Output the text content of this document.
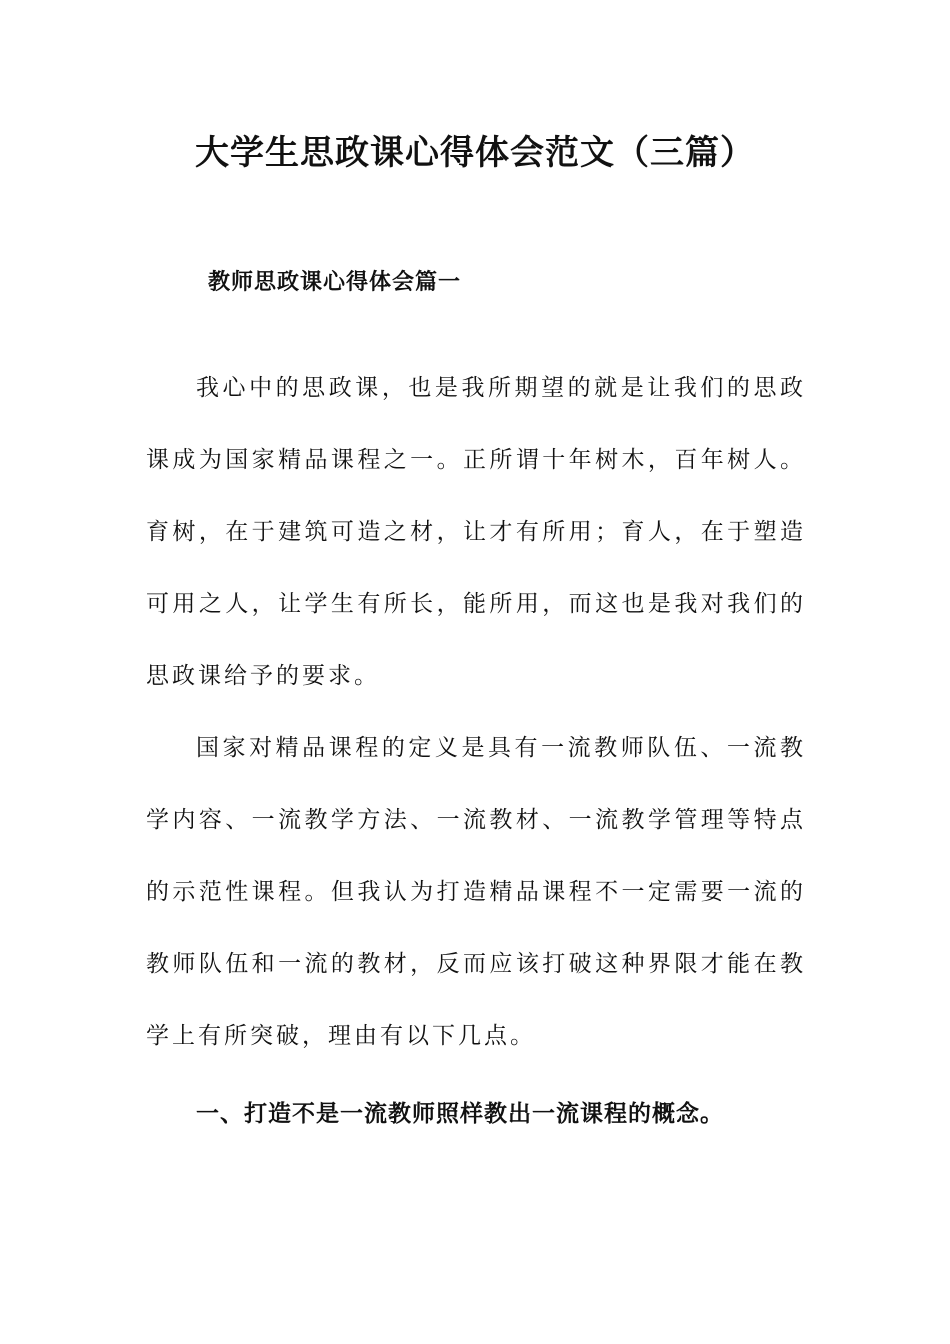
大学生思政课心得体会范文（三篇）
教师思政课心得体会篇一

我心中的思政课，也是我所期望的就是让我们的思政课成为国家精品课程之一。正所谓十年树木，百年树人。育树，在于建筑可造之材，让才有所用；育人，在于塑造可用之人，让学生有所长，能所用，而这也是我对我们的思政课给予的要求。

国家对精品课程的定义是具有一流教师队伍、一流教学内容、一流教学方法、一流教材、一流教学管理等特点的示范性课程。但我认为打造精品课程不一定需要一流的教师队伍和一流的教材，反而应该打破这种界限才能在教学上有所突破，理由有以下几点。

一、打造不是一流教师照样教出一流课程的概念。
